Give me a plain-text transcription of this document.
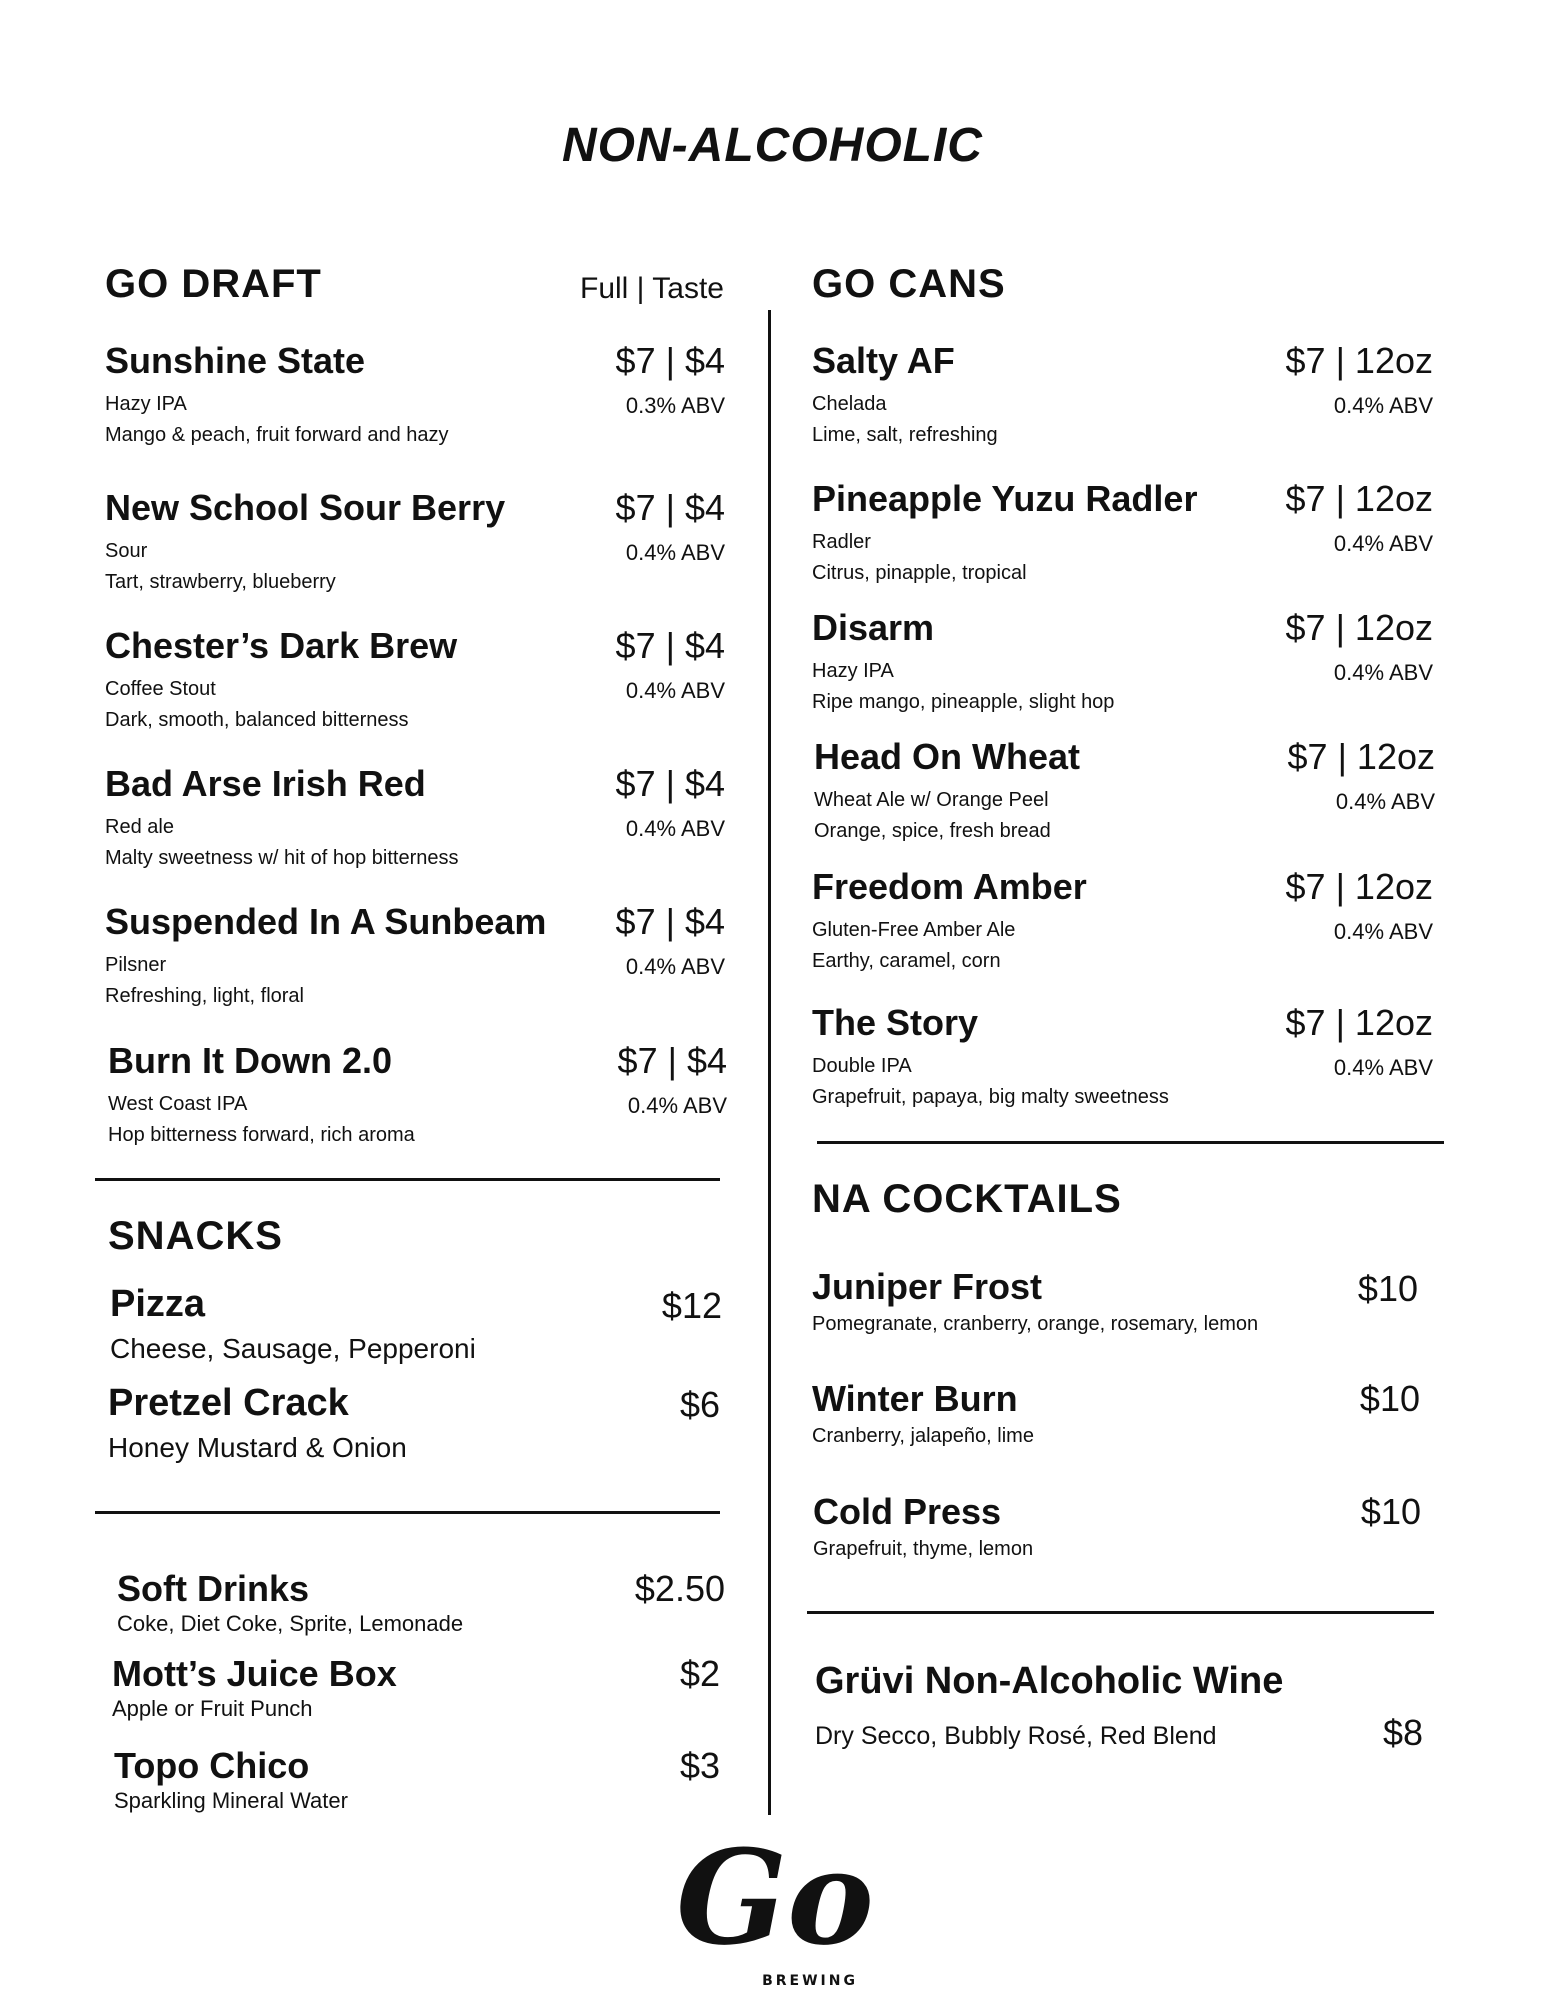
NON-ALCOHOLIC
GO DRAFT	Full | Taste
Sunshine State
Hazy IPA
Mango & peach, fruit forward and hazy
$7 | $4
0.3% ABV
New School Sour Berry
Sour
Tart, strawberry, blueberry
$7 | $4
0.4% ABV
Chester’s Dark Brew
Coffee Stout
Dark, smooth, balanced bitterness
$7 | $4
0.4% ABV
Bad Arse Irish Red
Red ale
Malty sweetness w/ hit of hop bitterness
$7 | $4
0.4% ABV
Suspended In A Sunbeam
Pilsner
Refreshing, light, floral
$7 | $4
0.4% ABV
Burn It Down 2.0
West Coast IPA
Hop bitterness forward, rich aroma
$7 | $4
0.4% ABV
SNACKS
Pizza
Cheese, Sausage, Pepperoni
$12
Pretzel Crack
Honey Mustard & Onion
$6
Soft Drinks
Coke, Diet Coke, Sprite, Lemonade
$2.50
Mott’s Juice Box
Apple or Fruit Punch
$2
Topo Chico
Sparkling Mineral Water
$3
GO CANS
Salty AF
Chelada
Lime, salt, refreshing
$7 | 12oz
0.4% ABV
Pineapple Yuzu Radler
Radler
Citrus, pinapple, tropical
$7 | 12oz
0.4% ABV
Disarm
Hazy IPA
Ripe mango, pineapple, slight hop
$7 | 12oz
0.4% ABV
Head On Wheat
Wheat Ale w/ Orange Peel
Orange, spice, fresh bread
$7 | 12oz
0.4% ABV
Freedom Amber
Gluten-Free Amber Ale
Earthy, caramel, corn
$7 | 12oz
0.4% ABV
The Story
Double IPA
Grapefruit, papaya, big malty sweetness
$7 | 12oz
0.4% ABV
NA COCKTAILS
Juniper Frost
Pomegranate, cranberry, orange, rosemary, lemon
$10
Winter Burn
Cranberry, jalapeño, lime
$10
Cold Press
Grapefruit, thyme, lemon
$10
Grüvi Non-Alcoholic Wine
Dry Secco, Bubbly Rosé, Red Blend	$8
Go
BREWING
